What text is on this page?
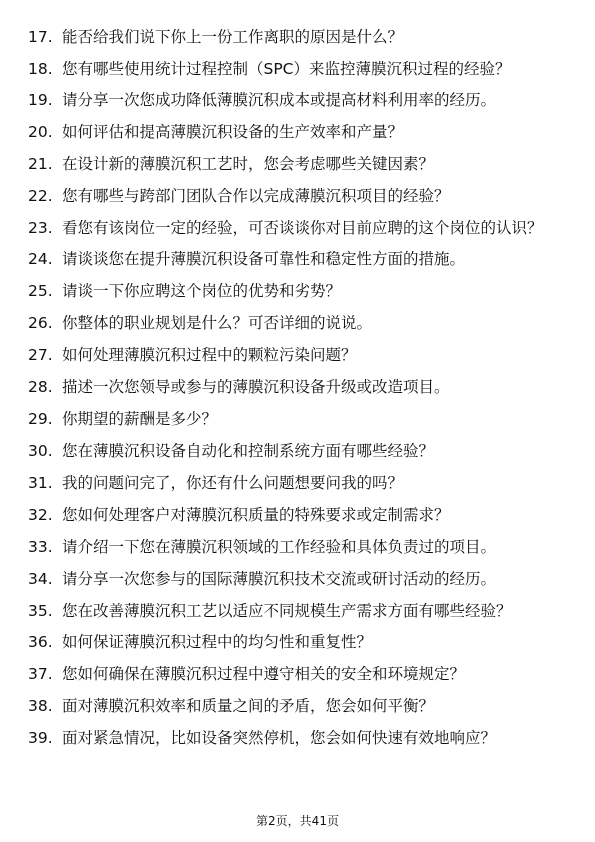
17. 能否给我们说下你上一份工作离职的原因是什么？
18. 您有哪些使用统计过程控制（SPC）来监控薄膜沉积过程的经验？
19. 请分享一次您成功降低薄膜沉积成本或提高材料利用率的经历。
20. 如何评估和提高薄膜沉积设备的生产效率和产量？
21. 在设计新的薄膜沉积工艺时，您会考虑哪些关键因素？
22. 您有哪些与跨部门团队合作以完成薄膜沉积项目的经验？
23. 看您有该岗位一定的经验，可否谈谈你对目前应聘的这个岗位的认识？
24. 请谈谈您在提升薄膜沉积设备可靠性和稳定性方面的措施。
25. 请谈一下你应聘这个岗位的优势和劣势？
26. 你整体的职业规划是什么？可否详细的说说。
27. 如何处理薄膜沉积过程中的颗粒污染问题？
28. 描述一次您领导或参与的薄膜沉积设备升级或改造项目。
29. 你期望的薪酬是多少？
30. 您在薄膜沉积设备自动化和控制系统方面有哪些经验？
31. 我的问题问完了，你还有什么问题想要问我的吗？
32. 您如何处理客户对薄膜沉积质量的特殊要求或定制需求？
33. 请介绍一下您在薄膜沉积领域的工作经验和具体负责过的项目。
34. 请分享一次您参与的国际薄膜沉积技术交流或研讨活动的经历。
35. 您在改善薄膜沉积工艺以适应不同规模生产需求方面有哪些经验？
36. 如何保证薄膜沉积过程中的均匀性和重复性？
37. 您如何确保在薄膜沉积过程中遵守相关的安全和环境规定？
38. 面对薄膜沉积效率和质量之间的矛盾，您会如何平衡？
39. 面对紧急情况，比如设备突然停机，您会如何快速有效地响应？
第2页，共41页
